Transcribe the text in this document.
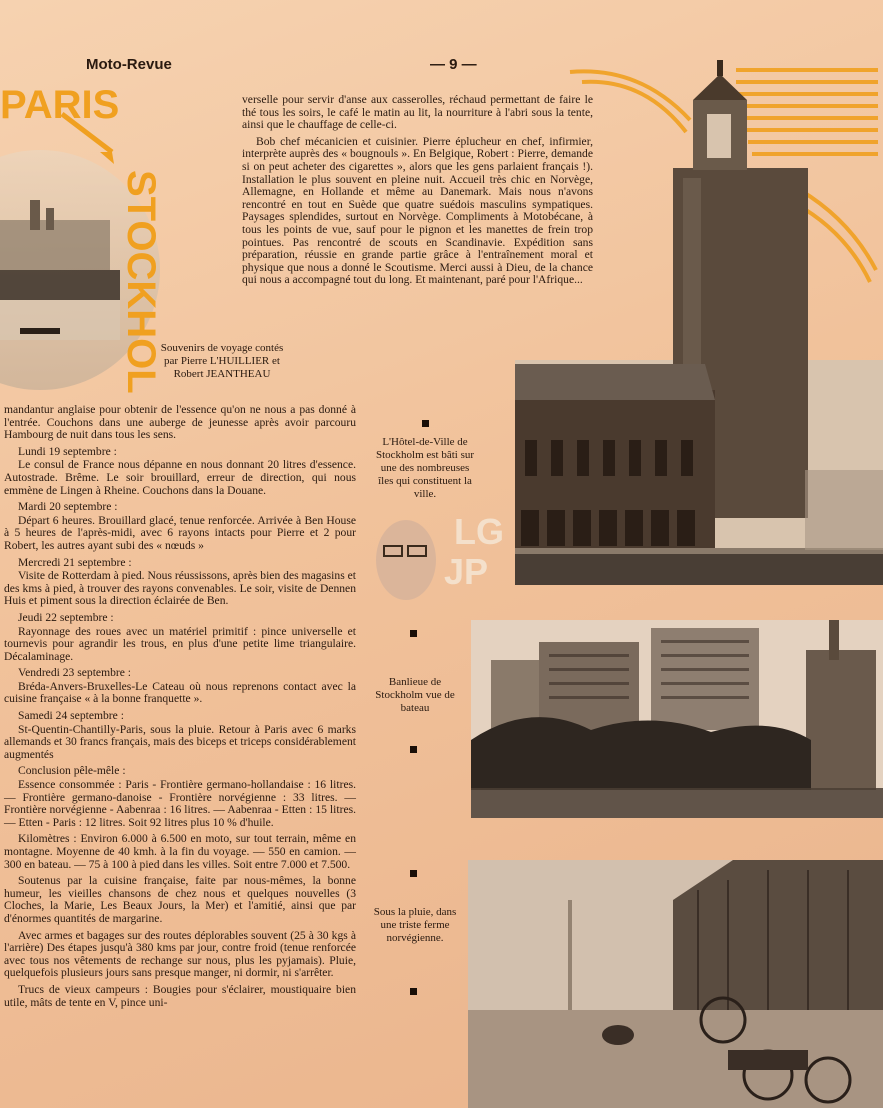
Moto-Revue	— 9 —
PARIS
STOCKHOL

verselle pour servir d'anse aux casserolles, réchaud permettant de faire le thé tous les soirs, le café le matin au lit, la nourriture à l'abri sous la tente, ainsi que le chauffage de celle-ci.

Bob chef mécanicien et cuisinier. Pierre éplucheur en chef, infirmier, interprète auprès des « bougnouls ». En Belgique, Robert : Pierre, demande si on peut acheter des cigarettes », alors que les gens parlaient français !). Installation le plus souvent en pleine nuit. Accueil très chic en Norvège, Allemagne, en Hollande et même au Danemark. Mais nous n'avons rencontré en tout en Suède que quatre suédois masculins sympatiques. Paysages splendides, surtout en Norvège. Compliments à Motobécane, à tous les points de vue, sauf pour le pignon et les manettes de frein trop pointues. Pas rencontré de scouts en Scandinavie. Expédition sans préparation, réussie en grande partie grâce à l'entraînement moral et physique que nous a donné le Scoutisme. Merci aussi à Dieu, de la chance qui nous a accompagné tout du long. Et maintenant, paré pour l'Afrique...

Souvenirs de voyage contés par Pierre L'HUILLIER et Robert JEANTHEAU

mandantur anglaise pour obtenir de l'essence qu'on ne nous a pas donné à l'entrée. Couchons dans une auberge de jeunesse après avoir parcouru Hambourg de nuit dans tous les sens.

Lundi 19 septembre :

Le consul de France nous dépanne en nous donnant 20 litres d'essence. Autostrade. Brême. Le soir brouillard, erreur de direction, qui nous emmène de Lingen à Rheine. Couchons dans la Douane.

Mardi 20 septembre :

Départ 6 heures. Brouillard glacé, tenue renforcée. Arrivée à Ben House à 5 heures de l'après-midi, avec 6 rayons intacts pour Pierre et 2 pour Robert, les autres ayant subi des « nœuds »

Mercredi 21 septembre :

Visite de Rotterdam à pied. Nous réussissons, après bien des magasins et des kms à pied, à trouver des rayons convenables. Le soir, visite de Dennen Huis et piment sous la direction éclairée de Ben.

Jeudi 22 septembre :

Rayonnage des roues avec un matériel primitif : pince universelle et tournevis pour agrandir les trous, en plus d'une petite lime triangulaire. Décalaminage.

Vendredi 23 septembre :

Bréda-Anvers-Bruxelles-Le Cateau où nous reprenons contact avec la cuisine française « à la bonne franquette ».

Samedi 24 septembre :

St-Quentin-Chantilly-Paris, sous la pluie. Retour à Paris avec 6 marks allemands et 30 francs français, mais des biceps et triceps considérablement augmentés

Conclusion pêle-mêle :

Essence consommée : Paris - Frontière germano-hollandaise : 16 litres. — Frontière germano-danoise - Frontière norvégienne : 33 litres. — Frontière norvégienne - Aabenraa : 16 litres. — Aabenraa - Etten : 15 litres. — Etten - Paris : 12 litres. Soit 92 litres plus 10 % d'huile.

Kilomètres : Environ 6.000 à 6.500 en moto, sur tout terrain, même en montagne. Moyenne de 40 kmh. à la fin du voyage. — 550 en camion. — 300 en bateau. — 75 à 100 à pied dans les villes. Soit entre 7.000 et 7.500.

Soutenus par la cuisine française, faite par nous-mêmes, la bonne humeur, les vieilles chansons de chez nous et quelques nouvelles (3 Cloches, la Marie, Les Beaux Jours, la Mer) et l'amitié, ainsi que par d'énormes quantités de margarine.

Avec armes et bagages sur des routes déplorables souvent (25 à 30 kgs à l'arrière) Des étapes jusqu'à 380 kms par jour, contre froid (tenue renforcée avec tous nos vêtements de rechange sur nous, plus les pyjamais). Pluie, quelquefois plusieurs jours sans presque manger, ni dormir, ni s'arrêter.

Trucs de vieux campeurs : Bougies pour s'éclairer, moustiquaire bien utile, mâts de tente en V, pince uni-

L'Hôtel-de-Ville de Stockholm est bâti sur une des nombreuses îles qui constituent la ville.
Banlieue de Stockholm vue de bateau
Sous la pluie, dans une triste ferme norvégienne.
LG
JP
